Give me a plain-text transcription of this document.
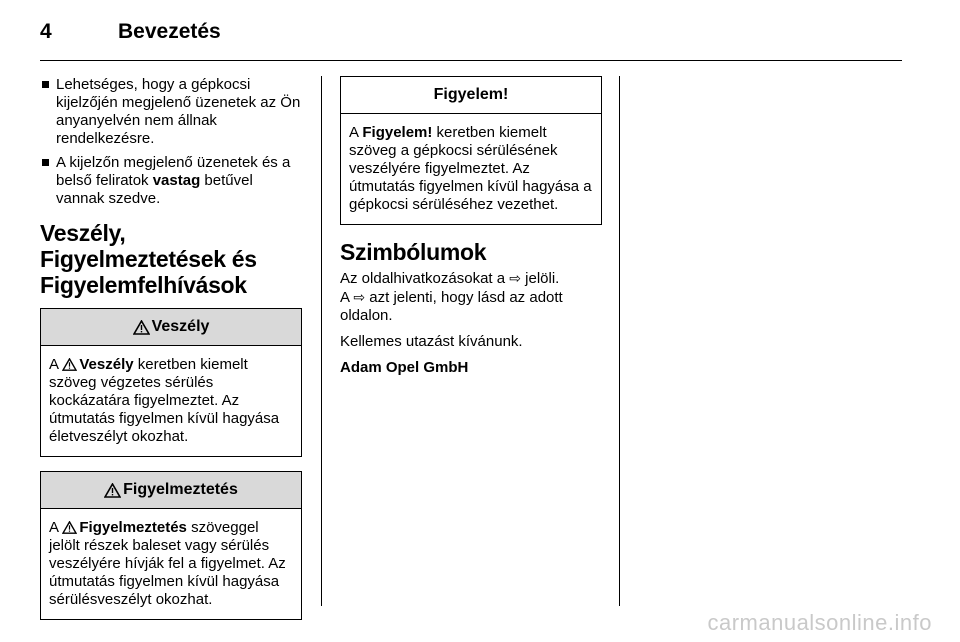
4	Bevezetés
Lehetséges, hogy a gépkocsi kijelzőjén megjelenő üzenetek az Ön anyanyelvén nem állnak rendelkezésre.
A kijelzőn megjelenő üzenetek és a belső feliratok vastag betűvel vannak szedve.
Veszély, Figyelmeztetések és Figyelemfelhívások
Veszély
A
Veszély keretben kiemelt szöveg végzetes sérülés kockázatára figyelmeztet. Az útmutatás figyelmen kívül hagyása életveszélyt okozhat.
Figyelmeztetés
A
Figyelmeztetés szöveggel jelölt részek baleset vagy sérülés veszélyére hívják fel a figyelmet. Az útmutatás figyelmen kívül hagyása sérülésveszélyt okozhat.
Figyelem!
A Figyelem! keretben kiemelt szöveg a gépkocsi sérülésének veszélyére figyelmeztet. Az útmutatás figyelmen kívül hagyása a gépkocsi sérüléséhez vezethet.
Szimbólumok

Az oldalhivatkozásokat a ⇨ jelöli.
A ⇨ azt jelenti, hogy lásd az adott oldalon.

Kellemes utazást kívánunk.

Adam Opel GmbH

carmanualsonline.info
